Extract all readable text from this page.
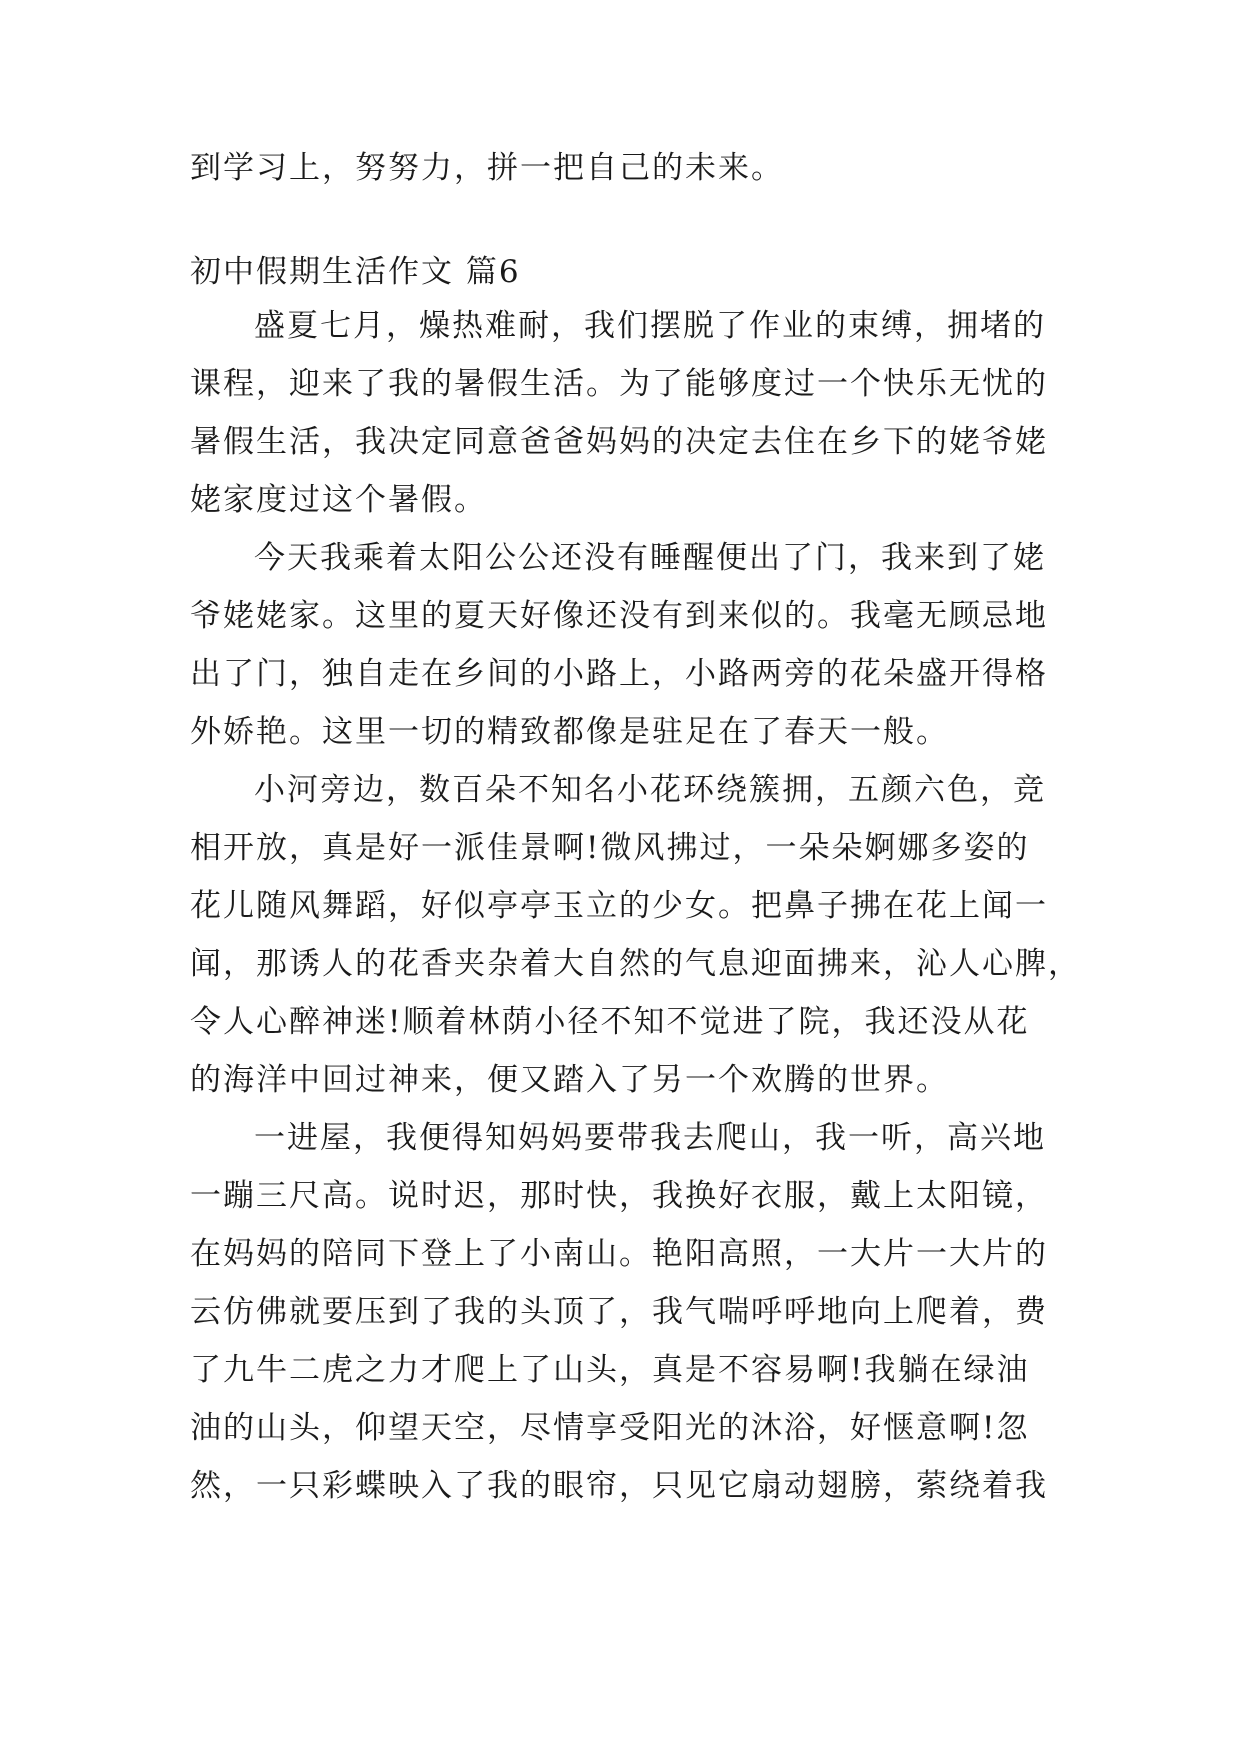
到学习上，努努力，拼一把自己的未来。
初中假期生活作文 篇6
盛夏七月，燥热难耐，我们摆脱了作业的束缚，拥堵的
课程，迎来了我的暑假生活。为了能够度过一个快乐无忧的
暑假生活，我决定同意爸爸妈妈的决定去住在乡下的姥爷姥
姥家度过这个暑假。
今天我乘着太阳公公还没有睡醒便出了门，我来到了姥
爷姥姥家。这里的夏天好像还没有到来似的。我毫无顾忌地
出了门，独自走在乡间的小路上，小路两旁的花朵盛开得格
外娇艳。这里一切的精致都像是驻足在了春天一般。
小河旁边，数百朵不知名小花环绕簇拥，五颜六色，竞
相开放，真是好一派佳景啊!微风拂过，一朵朵婀娜多姿的
花儿随风舞蹈，好似亭亭玉立的少女。把鼻子拂在花上闻一
闻，那诱人的花香夹杂着大自然的气息迎面拂来，沁人心脾，
令人心醉神迷!顺着林荫小径不知不觉进了院，我还没从花
的海洋中回过神来，便又踏入了另一个欢腾的世界。
一进屋，我便得知妈妈要带我去爬山，我一听，高兴地
一蹦三尺高。说时迟，那时快，我换好衣服，戴上太阳镜，
在妈妈的陪同下登上了小南山。艳阳高照，一大片一大片的
云仿佛就要压到了我的头顶了，我气喘呼呼地向上爬着，费
了九牛二虎之力才爬上了山头，真是不容易啊!我躺在绿油
油的山头，仰望天空，尽情享受阳光的沐浴，好惬意啊!忽
然，一只彩蝶映入了我的眼帘，只见它扇动翅膀，萦绕着我
